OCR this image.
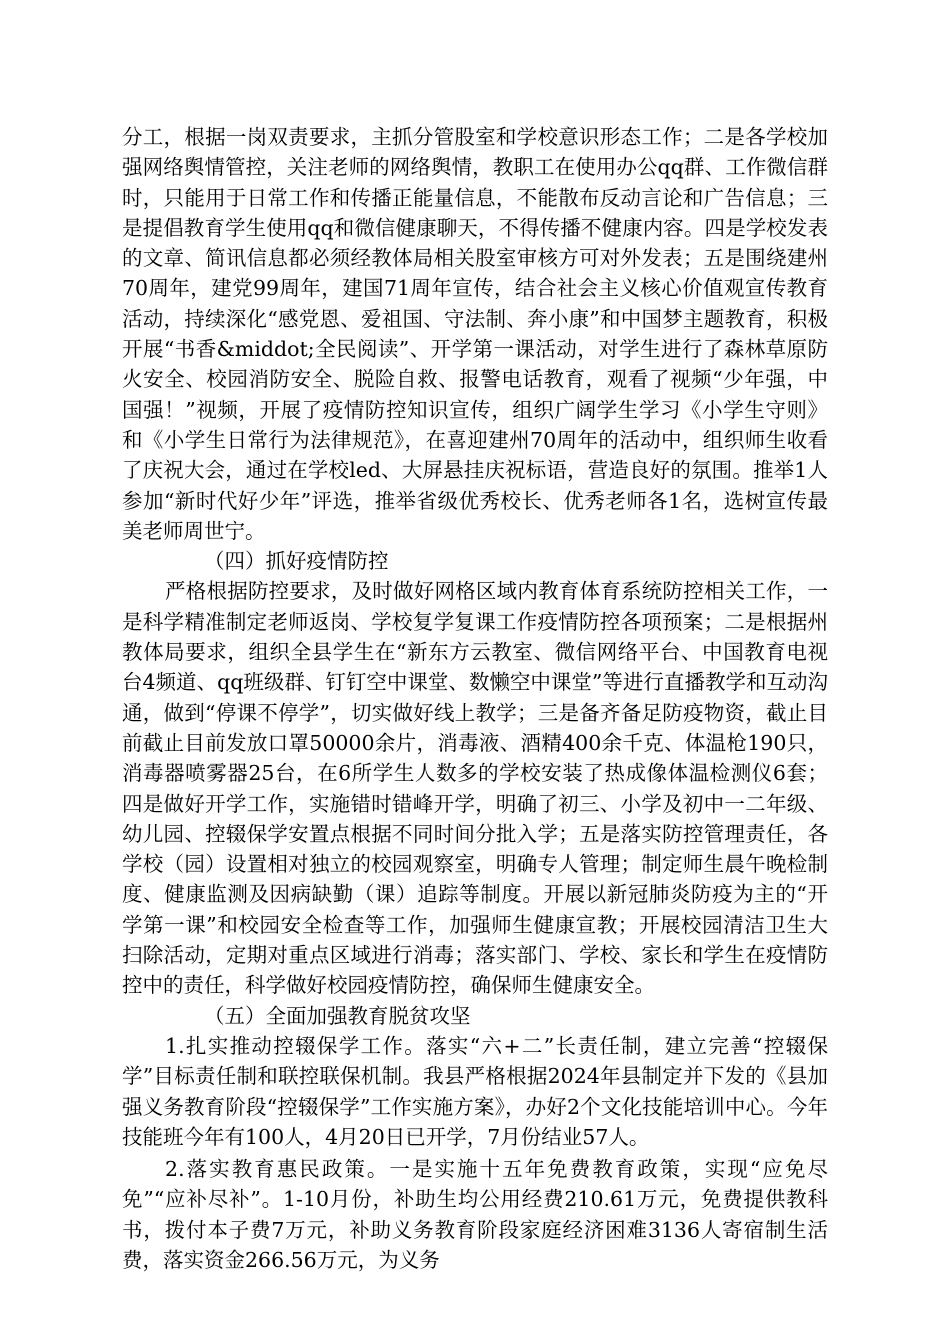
分工，根据一岗双责要求，主抓分管股室和学校意识形态工作；二是各学校加强网络舆情管控，关注老师的网络舆情，教职工在使用办公qq群、工作微信群时，只能用于日常工作和传播正能量信息，不能散布反动言论和广告信息；三是提倡教育学生使用qq和微信健康聊天，不得传播不健康内容。四是学校发表的文章、简讯信息都必须经教体局相关股室审核方可对外发表；五是围绕建州70周年，建党99周年，建国71周年宣传，结合社会主义核心价值观宣传教育活动，持续深化“感党恩、爱祖国、守法制、奔小康”和中国梦主题教育，积极开展“书香&middot;全民阅读”、开学第一课活动，对学生进行了森林草原防火安全、校园消防安全、脱险自救、报警电话教育，观看了视频“少年强，中国强！”视频，开展了疫情防控知识宣传，组织广阔学生学习《小学生守则》和《小学生日常行为法律规范》，在喜迎建州70周年的活动中，组织师生收看了庆祝大会，通过在学校led、大屏悬挂庆祝标语，营造良好的氛围。推举1人参加“新时代好少年”评选，推举省级优秀校长、优秀老师各1名，选树宣传最美老师周世宁。

（四）抓好疫情防控

严格根据防控要求，及时做好网格区域内教育体育系统防控相关工作，一是科学精准制定老师返岗、学校复学复课工作疫情防控各项预案；二是根据州教体局要求，组织全县学生在“新东方云教室、微信网络平台、中国教育电视台4频道、qq班级群、钉钉空中课堂、数懒空中课堂”等进行直播教学和互动沟通，做到“停课不停学”，切实做好线上教学；三是备齐备足防疫物资，截止目前截止目前发放口罩50000余片，消毒液、酒精400余千克、体温枪190只，消毒器喷雾器25台，在6所学生人数多的学校安装了热成像体温检测仪6套；四是做好开学工作，实施错时错峰开学，明确了初三、小学及初中一二年级、幼儿园、控辍保学安置点根据不同时间分批入学；五是落实防控管理责任，各学校（园）设置相对独立的校园观察室，明确专人管理；制定师生晨午晚检制度、健康监测及因病缺勤（课）追踪等制度。开展以新冠肺炎防疫为主的“开学第一课”和校园安全检查等工作，加强师生健康宣教；开展校园清洁卫生大扫除活动，定期对重点区域进行消毒；落实部门、学校、家长和学生在疫情防控中的责任，科学做好校园疫情防控，确保师生健康安全。

（五）全面加强教育脱贫攻坚

1.扎实推动控辍保学工作。落实“六+二”长责任制，建立完善“控辍保学”目标责任制和联控联保机制。我县严格根据2024年县制定并下发的《县加强义务教育阶段“控辍保学”工作实施方案》，办好2个文化技能培训中心。今年技能班今年有100人，4月20日已开学，7月份结业57人。

2.落实教育惠民政策。一是实施十五年免费教育政策，实现“应免尽免”“应补尽补”。1-10月份，补助生均公用经费210.61万元，免费提供教科书，拨付本子费7万元，补助义务教育阶段家庭经济困难3136人寄宿制生活费，落实资金266.56万元，为义务
